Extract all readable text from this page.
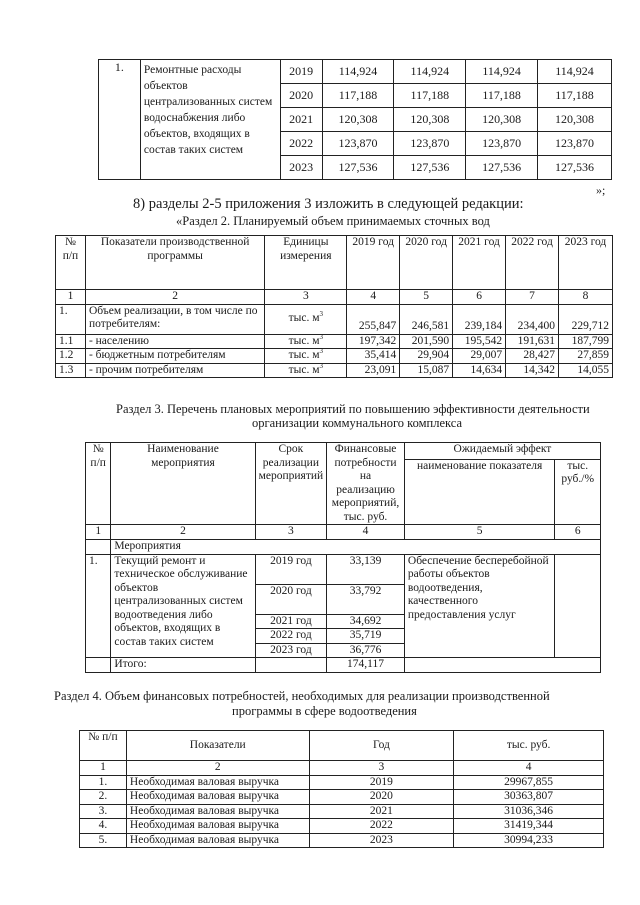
1.	Ремонтные расходы объектов централизованных систем водоснабжения либо объектов, входящих в состав таких систем	2019	114,924	114,924	114,924	114,924
		2020	117,188	117,188	117,188	117,188
		2021	120,308	120,308	120,308	120,308
		2022	123,870	123,870	123,870	123,870
		2023	127,536	127,536	127,536	127,536
»;
8) разделы 2-5 приложения 3 изложить в следующей редакции:
«Раздел 2. Планируемый объем принимаемых сточных вод
№ п/п	Показатели производственной программы	Единицы измерения	2019 год	2020 год	2021 год	2022 год	2023 год
1	2	3	4	5	6	7	8
1.	Объем реализации, в том числе по потребителям:	тыс. $м^3$	255,847	246,581	239,184	234,400	229,712
1.1	- населению	тыс. $м^3$	197,342	201,590	195,542	191,631	187,799
1.2	- бюджетным потребителям	тыс. $м^3$	35,414	29,904	29,007	28,427	27,859
1.3	- прочим потребителям	тыс. $м^3$	23,091	15,087	14,634	14,342	14,055
Раздел 3. Перечень плановых мероприятий по повышению эффективности деятельности
организации коммунального комплекса
№ п/п	Наименование мероприятия	Срок реализации мероприятий	Финансовые потребности на реализацию мероприятий, тыс. руб.	Ожидаемый эффект	
				наименование показателя	тыс. руб./%
1	2	3	4	5	6
	Мероприятия				
1.	Текущий ремонт и техническое обслуживание объектов централизованных систем водоотведения либо объектов, входящих в состав таких систем	2019 год	33,139	Обеспечение бесперебойной работы объектов водоотведения, качественного предоставления услуг	
		2020 год	33,792		
		2021 год	34,692		
		2022 год	35,719		
		2023 год	36,776		
	Итого:		174,117		
Раздел 4. Объем финансовых потребностей, необходимых для реализации производственной
программы в сфере водоотведения
№ п/п	Показатели	Год	тыс. руб.
1	2	3	4
1.	Необходимая валовая выручка	2019	29967,855
2.	Необходимая валовая выручка	2020	30363,807
3.	Необходимая валовая выручка	2021	31036,346
4.	Необходимая валовая выручка	2022	31419,344
5.	Необходимая валовая выручка	2023	30994,233
